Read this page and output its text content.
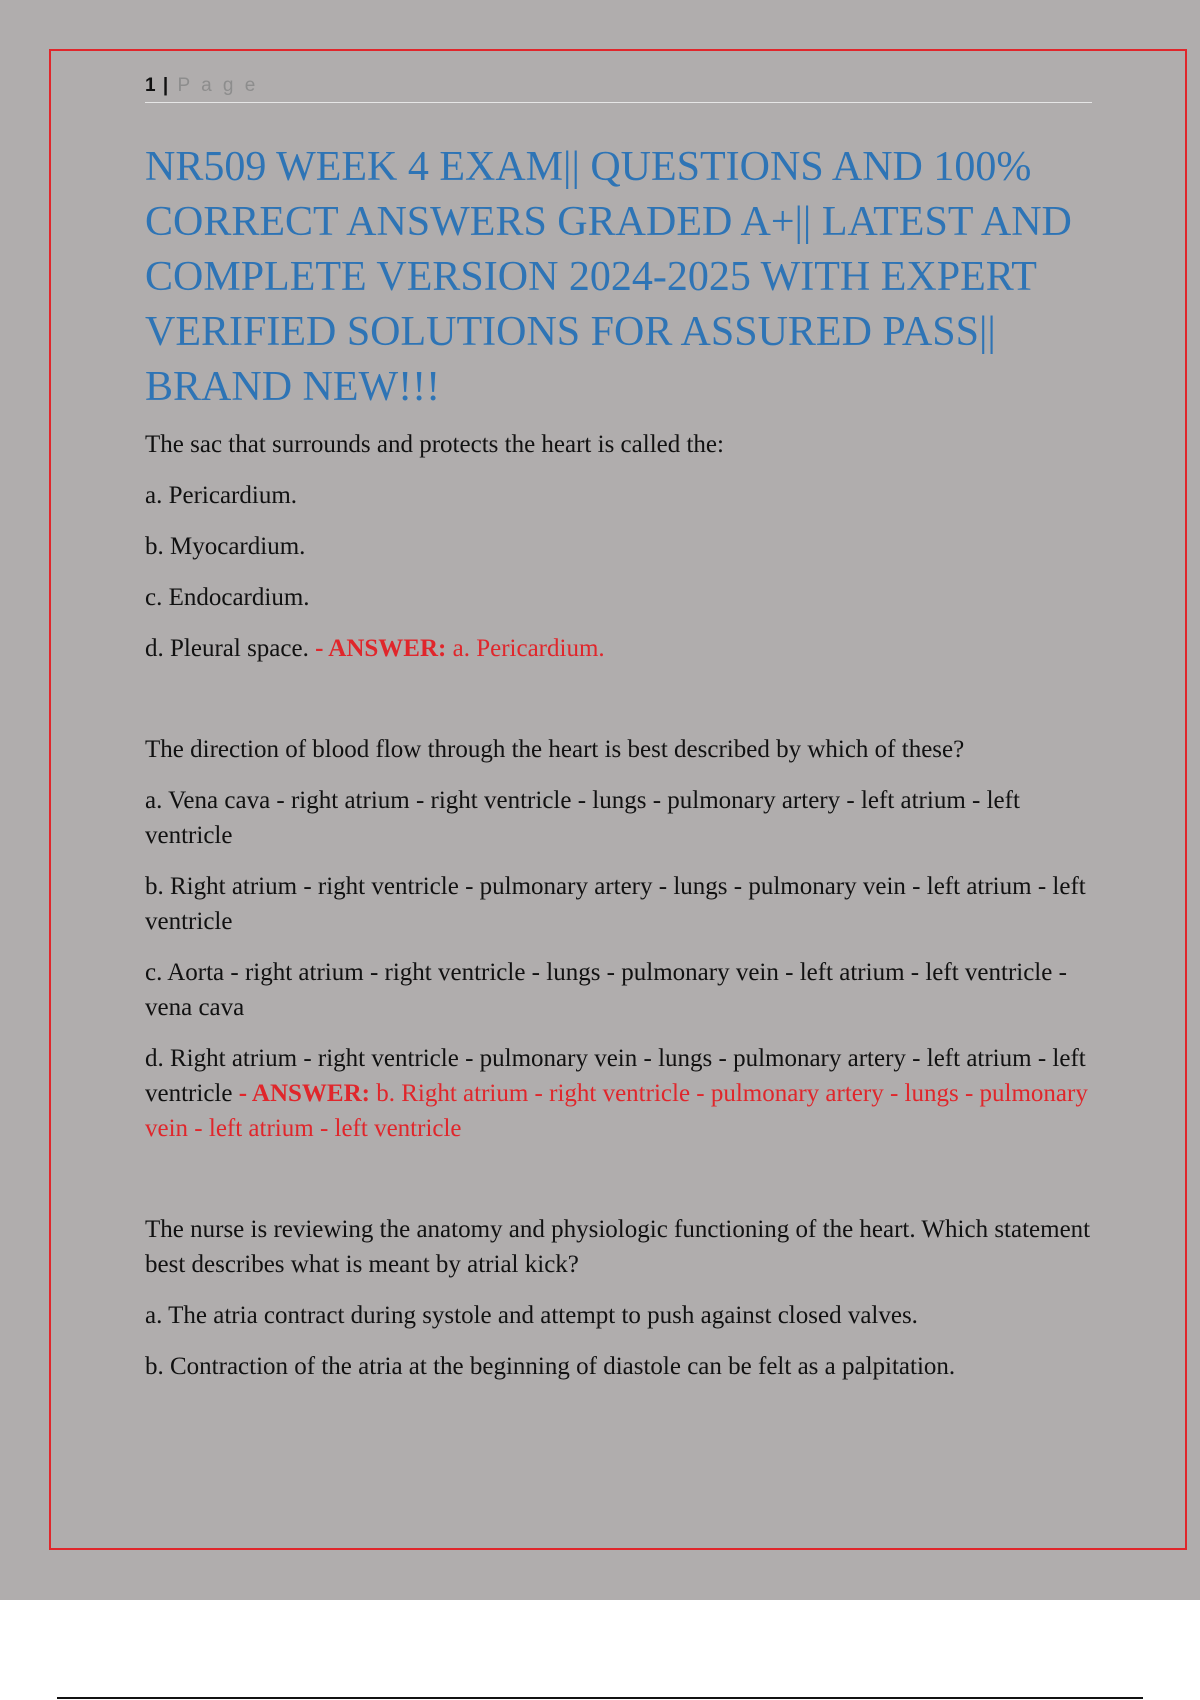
1 | P a g e
NR509 WEEK 4 EXAM|| QUESTIONS AND 100% CORRECT ANSWERS GRADED A+|| LATEST AND COMPLETE VERSION 2024-2025 WITH EXPERT VERIFIED SOLUTIONS FOR ASSURED PASS|| BRAND NEW!!!

The sac that surrounds and protects the heart is called the:

a. Pericardium.

b. Myocardium.

c. Endocardium.

d. Pleural space. - ANSWER: a. Pericardium.

The direction of blood flow through the heart is best described by which of these?

a. Vena cava - right atrium - right ventricle - lungs - pulmonary artery - left atrium - left ventricle

b. Right atrium - right ventricle - pulmonary artery - lungs - pulmonary vein - left atrium - left ventricle

c. Aorta - right atrium - right ventricle - lungs - pulmonary vein - left atrium - left ventricle - vena cava

d. Right atrium - right ventricle - pulmonary vein - lungs - pulmonary artery - left atrium - left ventricle - ANSWER: b. Right atrium - right ventricle - pulmonary artery - lungs - pulmonary vein - left atrium - left ventricle

The nurse is reviewing the anatomy and physiologic functioning of the heart. Which statement best describes what is meant by atrial kick?

a. The atria contract during systole and attempt to push against closed valves.

b. Contraction of the atria at the beginning of diastole can be felt as a palpitation.
